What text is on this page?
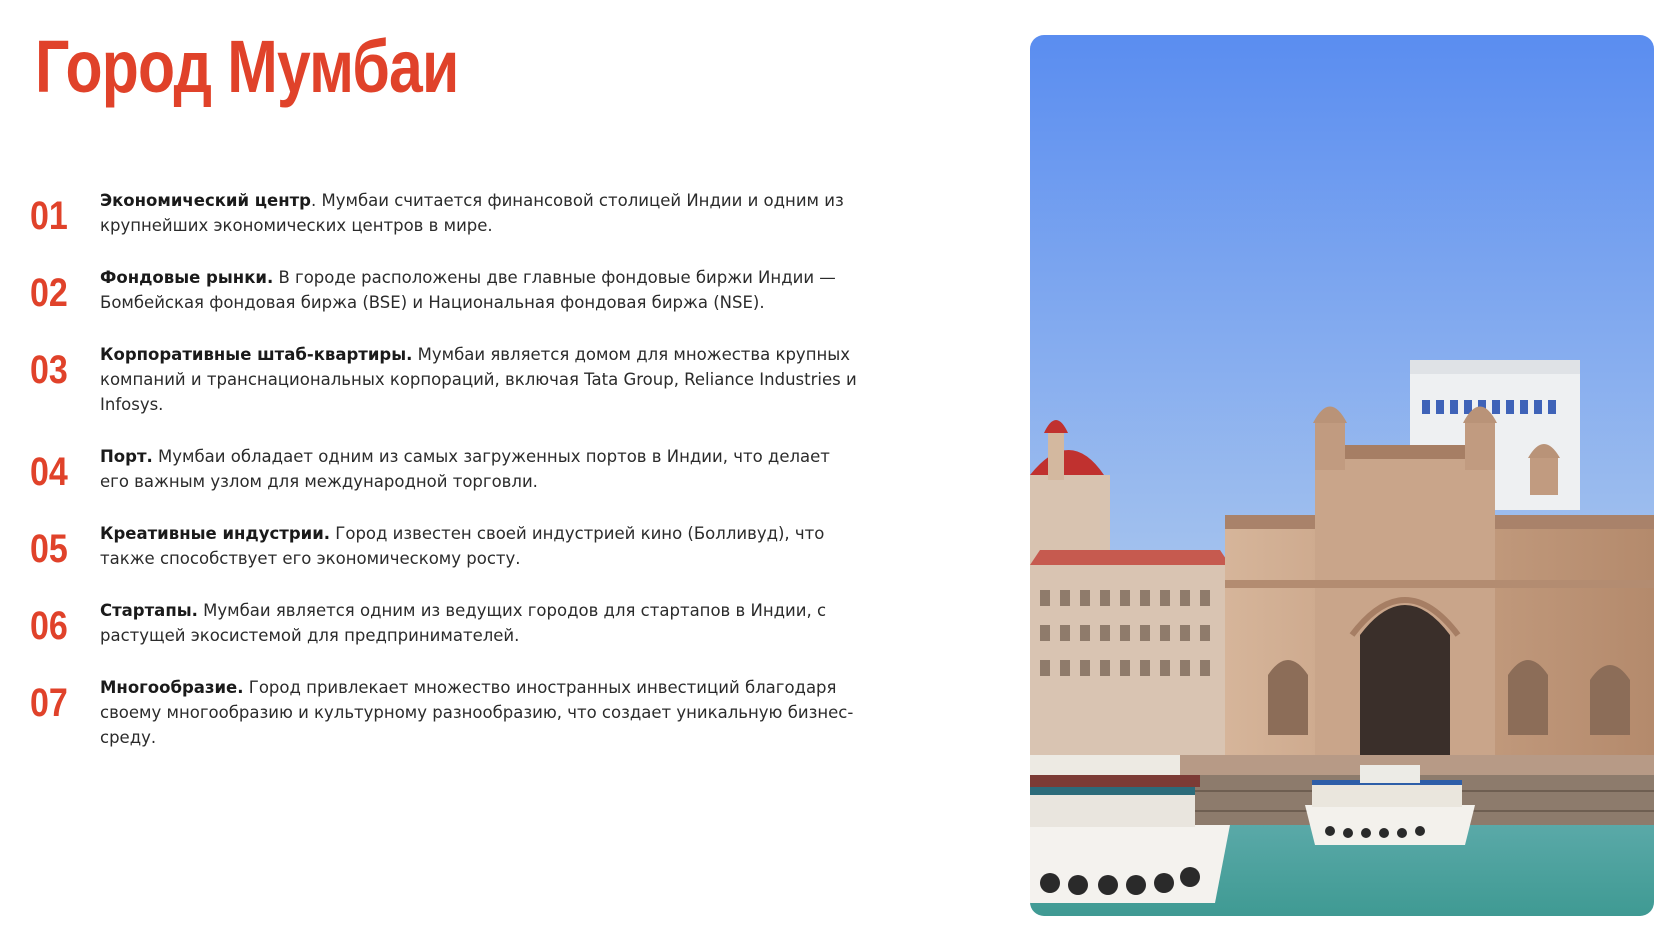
Город Мумбаи
01	Экономический центр. Мумбаи считается финансовой столицей Индии и одним из крупнейших экономических центров в мире.
02	Фондовые рынки. В городе расположены две главные фондовые биржи Индии — Бомбейская фондовая биржа (BSE) и Национальная фондовая биржа (NSE).
03	Корпоративные штаб-квартиры. Мумбаи является домом для множества крупных компаний и транснациональных корпораций, включая Tata Group, Reliance Industries и Infosys.
04	Порт. Мумбаи обладает одним из самых загруженных портов в Индии, что делает его важным узлом для международной торговли.
05	Креативные индустрии. Город известен своей индустрией кино (Болливуд), что также способствует его экономическому росту.
06	Стартапы. Мумбаи является одним из ведущих городов для стартапов в Индии, с растущей экосистемой для предпринимателей.
07	Многообразие. Город привлекает множество иностранных инвестиций благодаря своему многообразию и культурному разнообразию, что создает уникальную бизнес-среду.
